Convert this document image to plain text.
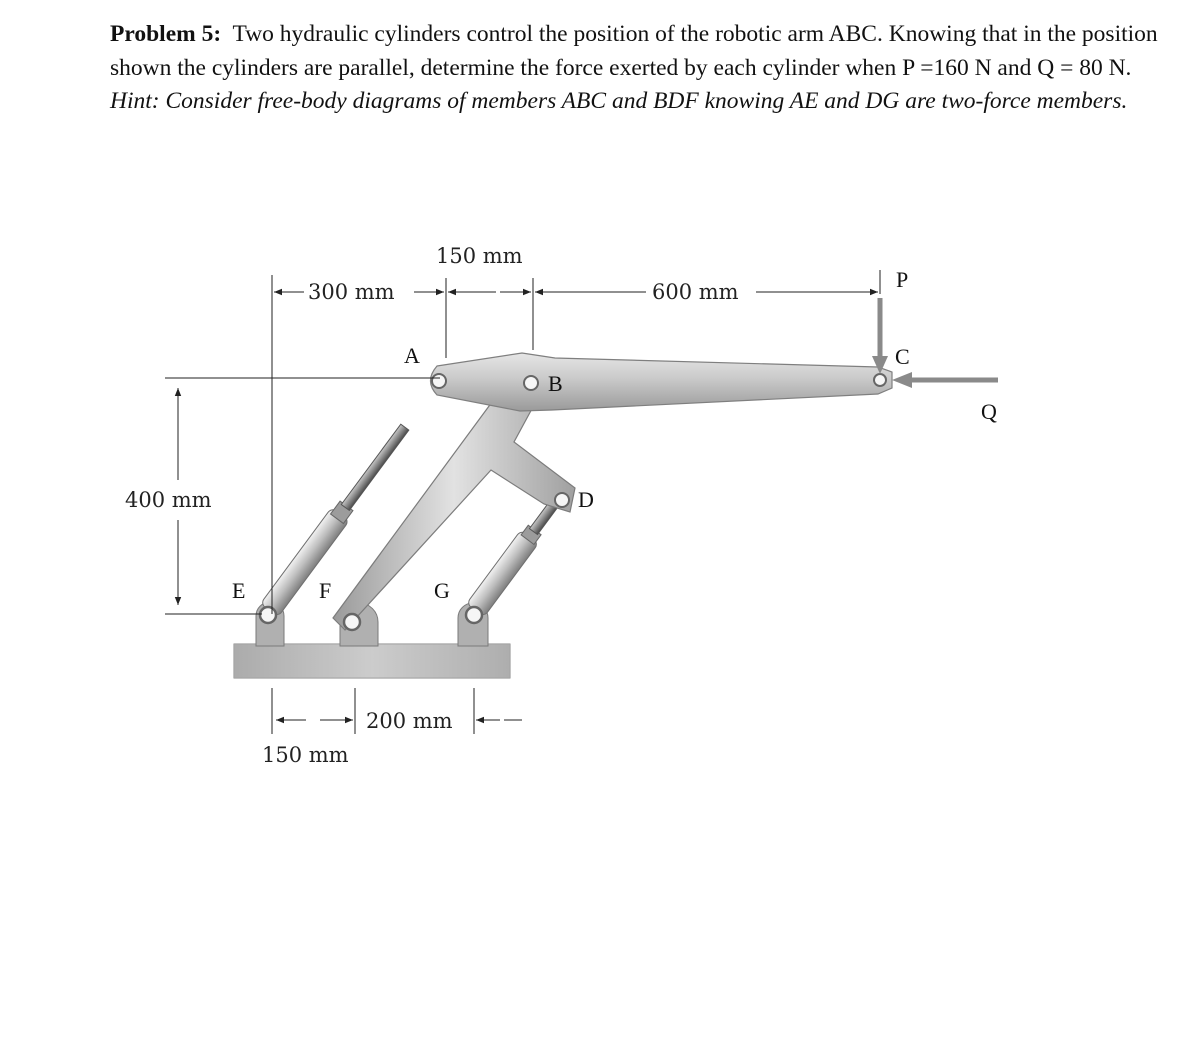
Problem 5: Two hydraulic cylinders control the position of the robotic arm ABC. Knowing that in the position shown the cylinders are parallel, determine the force exerted by each cylinder when P =160 N and Q = 80 N. Hint: Consider free-body diagrams of members ABC and BDF knowing AE and DG are two-force members.
300 mm
150 mm
600 mm
400 mm
200 mm
150 mm
A
B
C
D
E	F	G
P
Q
